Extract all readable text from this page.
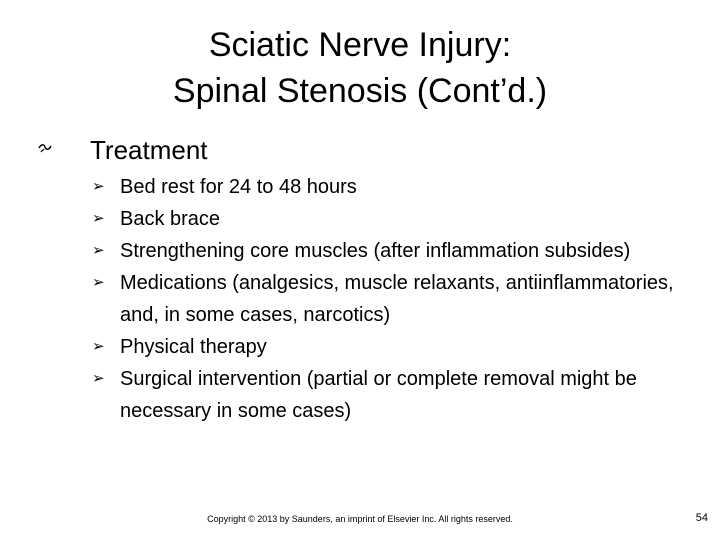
Sciatic Nerve Injury:
Spinal Stenosis (Cont’d.)
Treatment
➢ Bed rest for 24 to 48 hours
➢ Back brace
➢ Strengthening core muscles (after inflammation subsides)
➢ Medications (analgesics, muscle relaxants, antiinflammatories, and, in some cases, narcotics)
➢ Physical therapy
➢ Surgical intervention (partial or complete removal might be necessary in some cases)
Copyright © 2013 by Saunders, an imprint of Elsevier Inc. All rights reserved.	54
